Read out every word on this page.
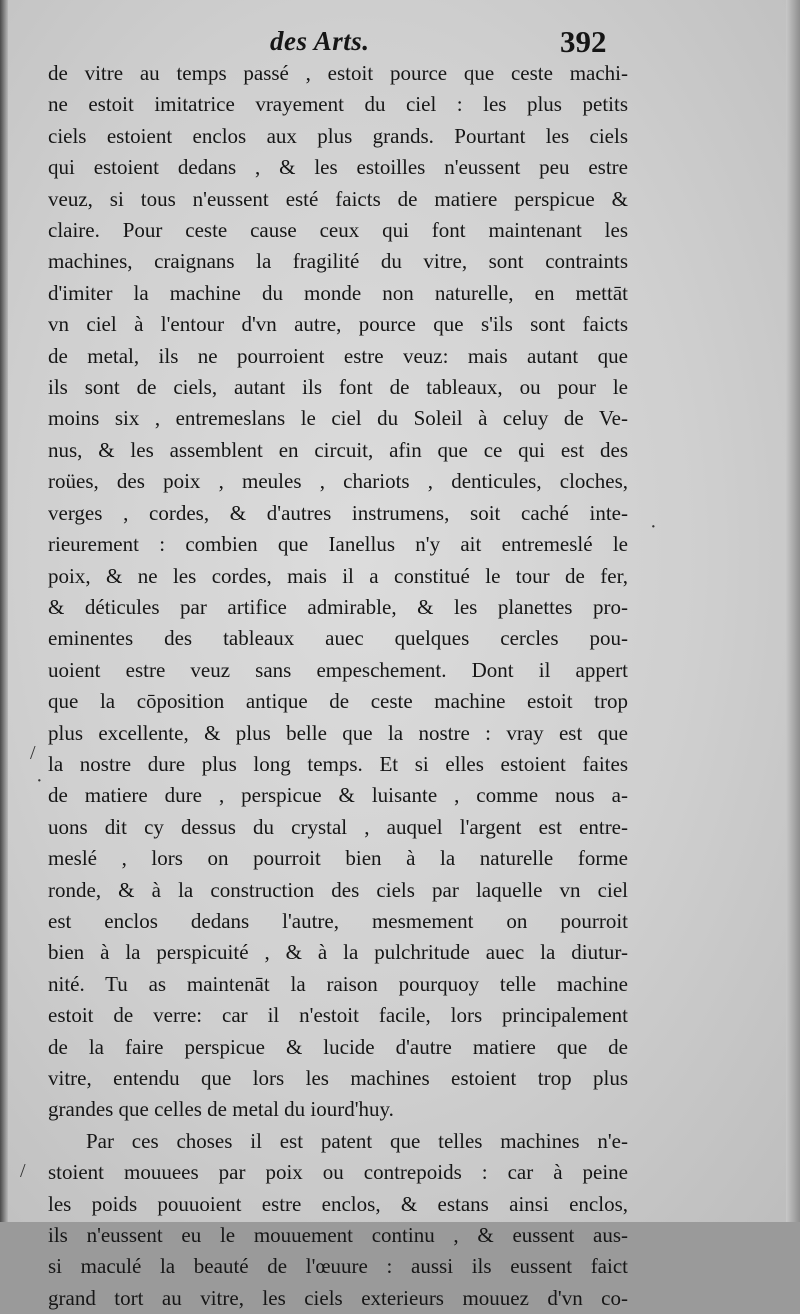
des Arts.	392
de vitre au temps passé , estoit pource que ceste machi-
ne estoit imitatrice vrayement du ciel : les plus petits
ciels estoient enclos aux plus grands. Pourtant les ciels
qui estoient dedans , & les estoilles n'eussent peu estre
veuz, si tous n'eussent esté faicts de matiere perspicue &
claire. Pour ceste cause ceux qui font maintenant les
machines, craignans la fragilité du vitre, sont contraints
d'imiter la machine du monde non naturelle, en mettāt
vn ciel à l'entour d'vn autre, pource que s'ils sont faicts
de metal, ils ne pourroient estre veuz: mais autant que
ils sont de ciels, autant ils font de tableaux, ou pour le
moins six , entremeslans le ciel du Soleil à celuy de Ve-
nus, & les assemblent en circuit, afin que ce qui est des
roües, des poix , meules , chariots , denticules, cloches,
verges , cordes, & d'autres instrumens, soit caché inte-
rieurement : combien que Ianellus n'y ait entremeslé le
poix, & ne les cordes, mais il a constitué le tour de fer,
& déticules par artifice admirable, & les planettes pro-
eminentes des tableaux auec quelques cercles pou-
uoient estre veuz sans empeschement. Dont il appert
que la cōposition antique de ceste machine estoit trop
plus excellente, & plus belle que la nostre : vray est que
la nostre dure plus long temps. Et si elles estoient faites
de matiere dure , perspicue & luisante , comme nous a-
uons dit cy dessus du crystal , auquel l'argent est entre-
meslé , lors on pourroit bien à la naturelle forme
ronde, & à la construction des ciels par laquelle vn ciel
est enclos dedans l'autre, mesmement on pourroit
bien à la perspicuité , & à la pulchritude auec la diutur-
nité. Tu as maintenāt la raison pourquoy telle machine
estoit de verre: car il n'estoit facile, lors principalement
de la faire perspicue & lucide d'autre matiere que de
vitre, entendu que lors les machines estoient trop plus
grandes que celles de metal du iourd'huy.
Par ces choses il est patent que telles machines n'e-
stoient mouuees par poix ou contrepoids : car à peine
les poids pouuoient estre enclos, & estans ainsi enclos,
ils n'eussent eu le mouuement continu , & eussent aus-
si maculé la beauté de l'œuure : aussi ils eussent faict
grand tort au vitre, les ciels exterieurs mouuez d'vn co-
/
·
·
/
